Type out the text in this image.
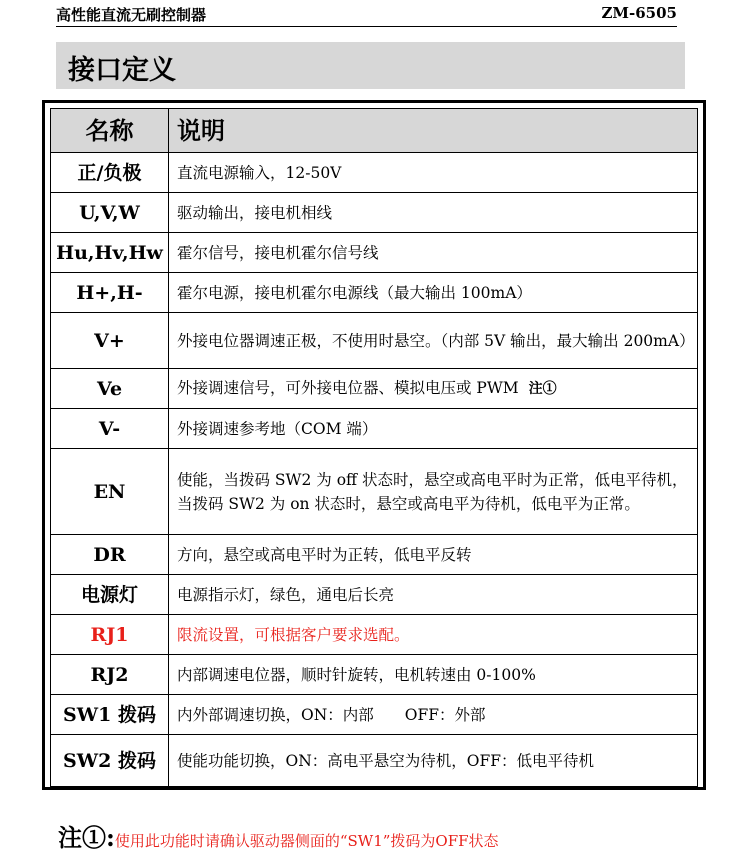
高性能直流无刷控制器	ZM-6505
接口定义
名称	说明
正/负极	直流电源输入，12-50V
U,V,W	驱动输出，接电机相线
Hu,Hv,Hw	霍尔信号，接电机霍尔信号线
H+,H-	霍尔电源，接电机霍尔电源线（最大输出 100mA）
V+	外接电位器调速正极，不使用时悬空。（内部 5V 输出，最大输出 200mA）
Ve	外接调速信号，可外接电位器、模拟电压或 PWM 注①
V-	外接调速参考地（COM 端）
EN	使能，当拨码 SW2 为 off 状态时，悬空或高电平时为正常，低电平待机，当拨码 SW2 为 on 状态时，悬空或高电平为待机，低电平为正常。
DR	方向，悬空或高电平时为正转，低电平反转
电源灯	电源指示灯，绿色，通电后长亮
RJ1	限流设置，可根据客户要求选配。
RJ2	内部调速电位器，顺时针旋转，电机转速由 0-100%
SW1 拨码	内外部调速切换，ON：内部　　OFF：外部
SW2 拨码	使能功能切换，ON：高电平悬空为待机，OFF：低电平待机
注①:使用此功能时请确认驱动器侧面的“SW1”拨码为OFF状态
